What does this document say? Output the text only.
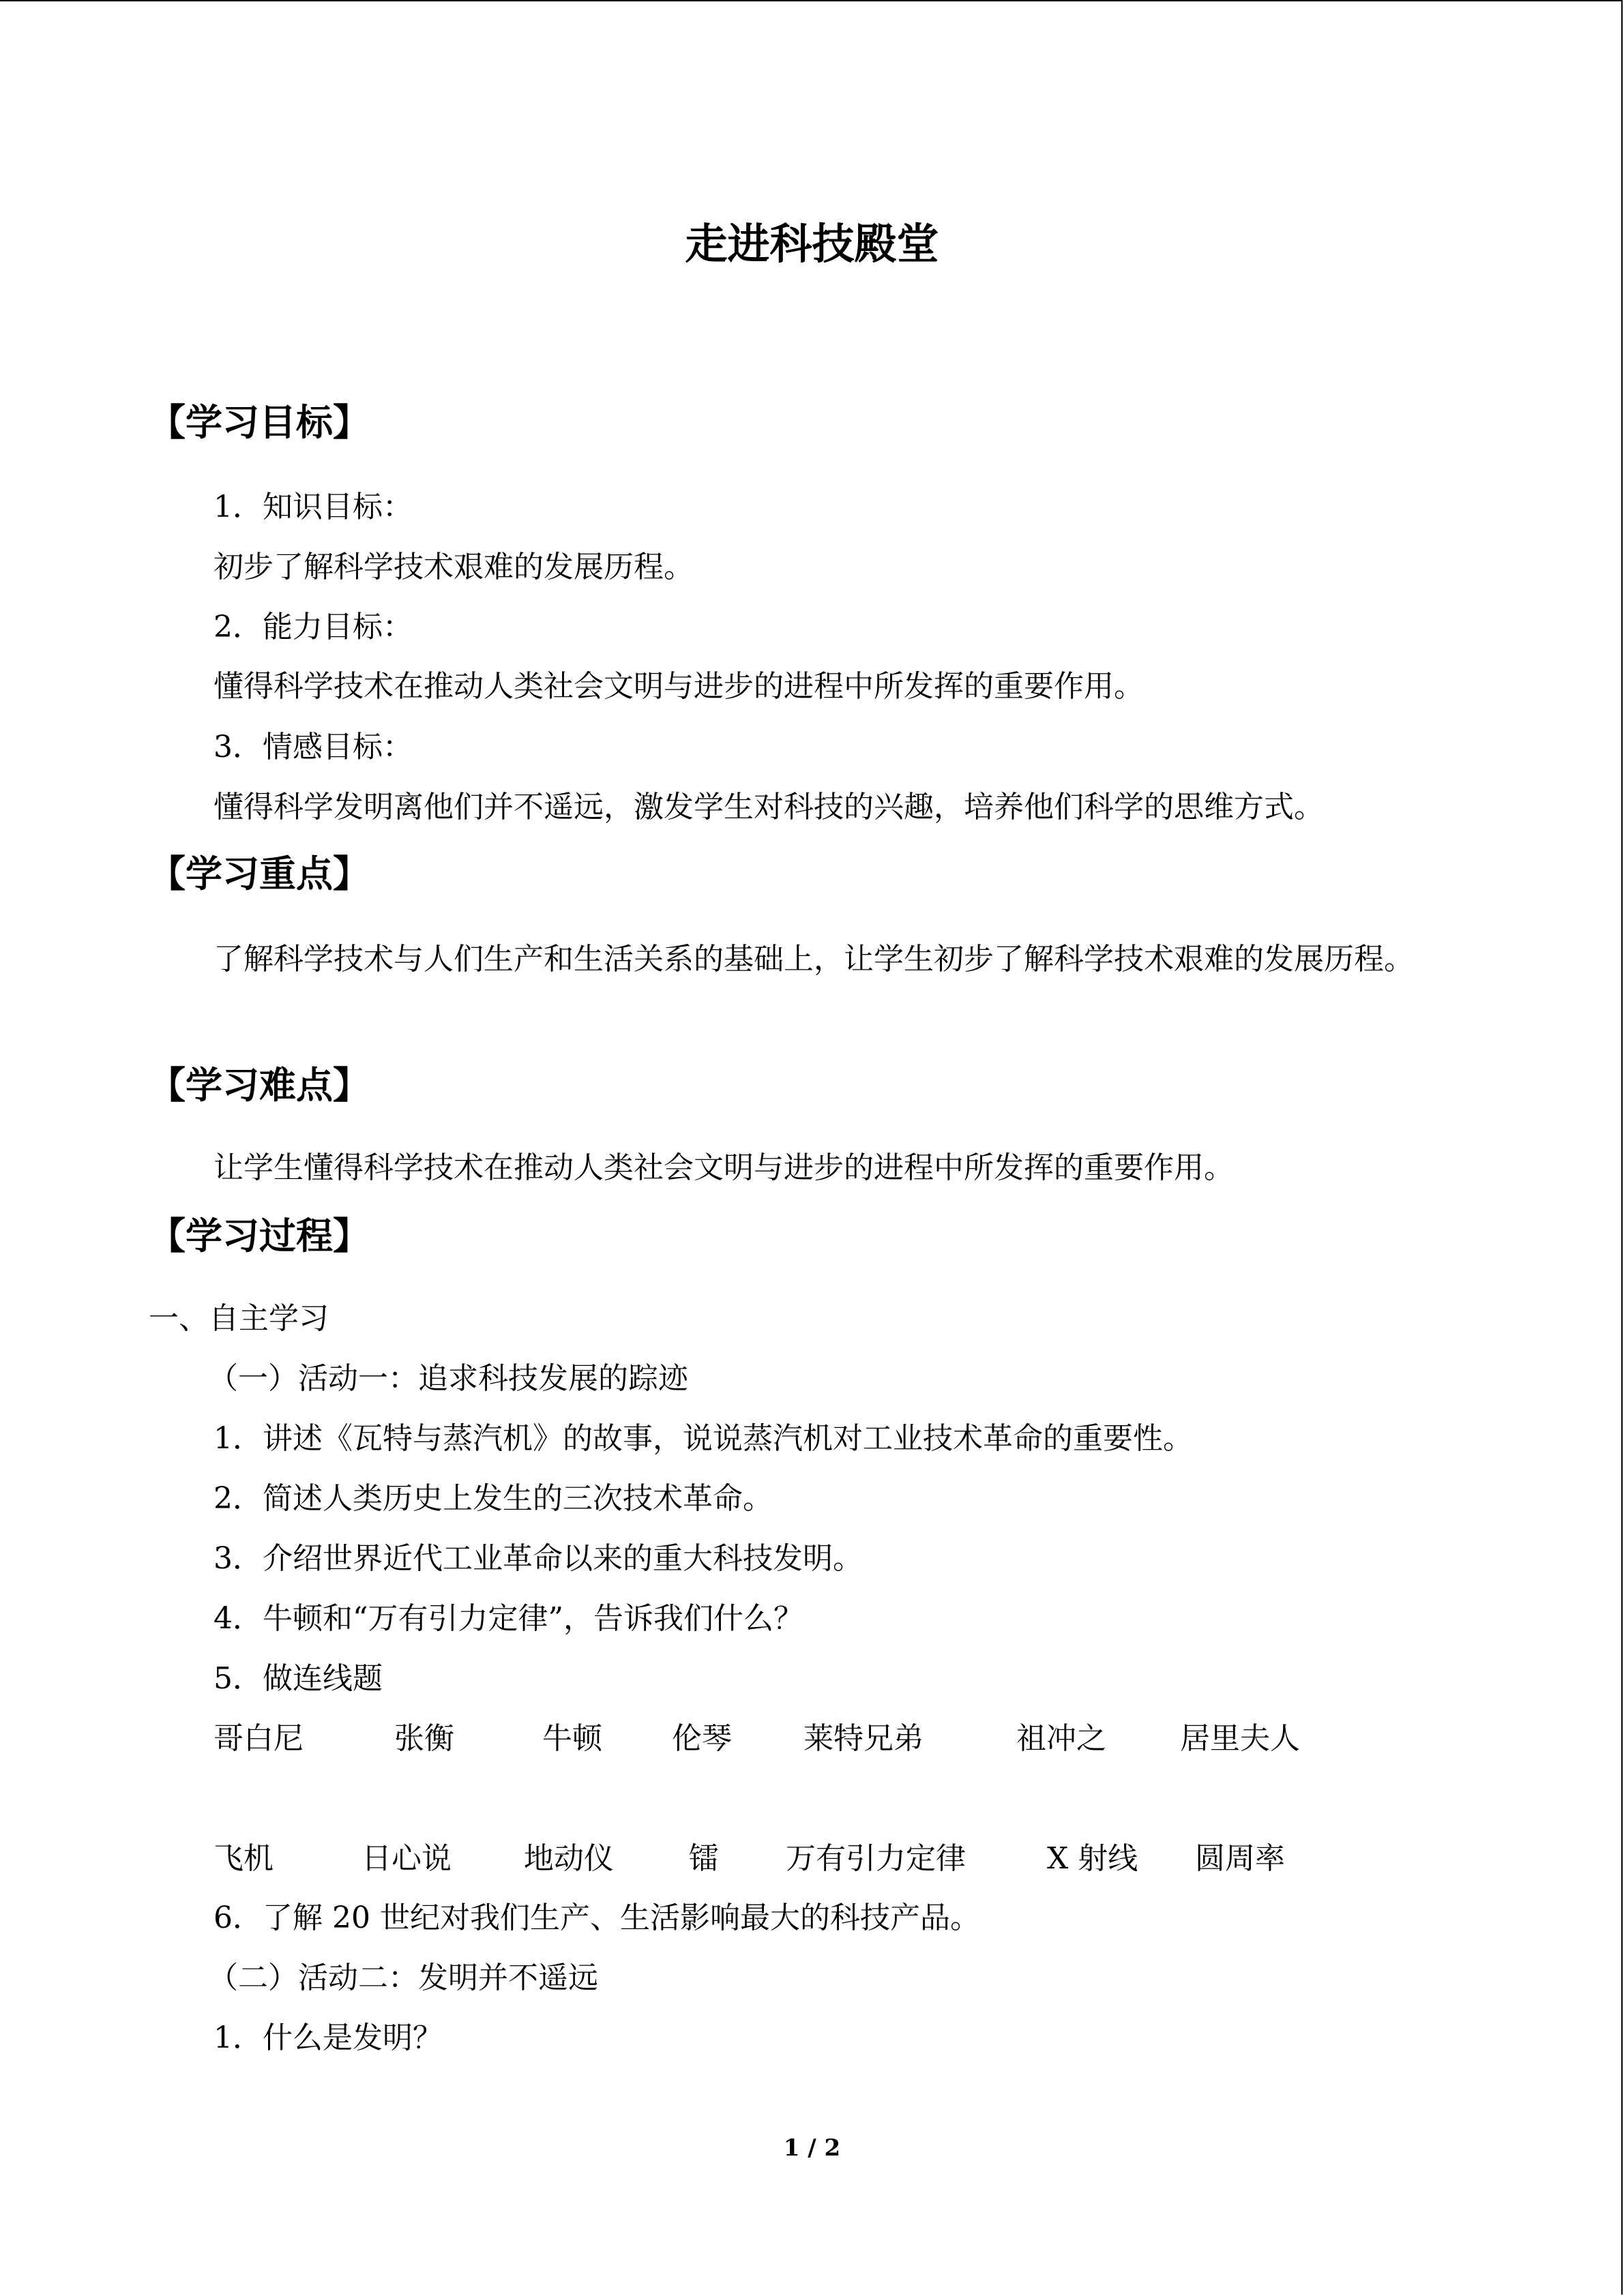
走进科技殿堂
【学习目标】
1．知识目标：
初步了解科学技术艰难的发展历程。
2．能力目标：
懂得科学技术在推动人类社会文明与进步的进程中所发挥的重要作用。
3．情感目标：
懂得科学发明离他们并不遥远，激发学生对科技的兴趣，培养他们科学的思维方式。
【学习重点】

了解科学技术与人们生产和生活关系的基础上，让学生初步了解科学技术艰难的发展历程。

【学习难点】
让学生懂得科学技术在推动人类社会文明与进步的进程中所发挥的重要作用。
【学习过程】
一、自主学习
（一）活动一：追求科技发展的踪迹
1．讲述《瓦特与蒸汽机》的故事，说说蒸汽机对工业技术革命的重要性。
2．简述人类历史上发生的三次技术革命。
3．介绍世界近代工业革命以来的重大科技发明。
4．牛顿和“万有引力定律”，告诉我们什么？
5．做连线题
哥白尼	张衡	牛顿 伦琴 莱特兄弟	祖冲之 居里夫人
飞机	日心说 地动仪	镭 万有引力定律	X 射线 圆周率
6．了解 20 世纪对我们生产、生活影响最大的科技产品。
（二）活动二：发明并不遥远
1．什么是发明？
1 / 2
